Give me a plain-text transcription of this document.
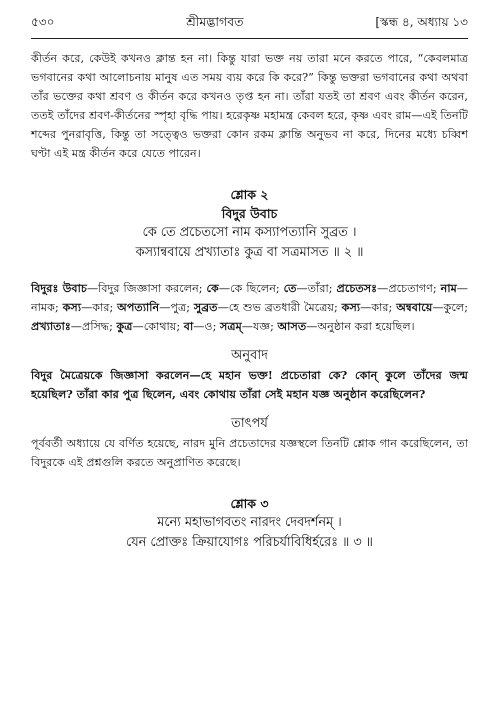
৫৩০	শ্রীমদ্ভাগবত	[স্কন্ধ ৪, অধ্যায় ১৩

কীর্তন করে, কেউই কখনও ক্লান্ত হন না। কিন্তু যারা ভক্ত নয় তারা মনে করতে পারে, “কেবলমাত্র ভগবানের কথা আলোচনায় মানুষ এত সময় ব্যয় করে কি করে?” কিন্তু ভক্তরা ভগবানের কথা অথবা তাঁর ভক্তের কথা শ্রবণ ও কীর্তন করে কখনও তৃপ্ত হন না। তাঁরা যতই তা শ্রবণ এবং কীর্তন করেন, ততই তাঁদের শ্রবণ-কীর্তনের স্পৃহা বৃদ্ধি পায়। হরেকৃষ্ণ মহামন্ত্র কেবল হরে, কৃষ্ণ এবং রাম—এই তিনটি শব্দের পুনরাবৃত্তি, কিন্তু তা সত্ত্বেও ভক্তরা কোন রকম ক্লান্তি অনুভব না করে, দিনের মধ্যে চব্বিশ ঘণ্টা এই মন্ত্র কীর্তন করে যেতে পারেন।

শ্লোক ২
বিদুর উবাচ
কে তে প্রচেতসো নাম কস্যাপত্যানি সুব্রত ।
কস্যান্ববায়ে প্রখ্যাতাঃ কুত্র বা সত্রমাসত ॥ ২ ॥

বিদুরঃ উবাচ—বিদুর জিজ্ঞাসা করলেন; কে—কে ছিলেন; তে—তাঁরা; প্রচেতসঃ—প্রচেতাগণ; নাম—নামক; কস্য—কার; অপত্যানি—পুত্র; সুব্রত—হে শুভ ব্রতধারী মৈত্রেয়; কস্য—কার; অন্ববায়ে—কুলে; প্রখ্যাতাঃ—প্রসিদ্ধ; কুত্র—কোথায়; বা—ও; সত্রম্—যজ্ঞ; আসত—অনুষ্ঠান করা হয়েছিল।

অনুবাদ

বিদুর মৈত্রেয়কে জিজ্ঞাসা করলেন—হে মহান ভক্ত! প্রচেতারা কে? কোন্ কুলে তাঁদের জন্ম হয়েছিল? তাঁরা কার পুত্র ছিলেন, এবং কোথায় তাঁরা সেই মহান যজ্ঞ অনুষ্ঠান করেছিলেন?

তাৎপর্য

পূর্ববর্তী অধ্যায়ে যে বর্ণিত হয়েছে, নারদ মুনি প্রচেতাদের যজ্ঞস্থলে তিনটি শ্লোক গান করেছিলেন, তা বিদুরকে এই প্রশ্নগুলি করতে অনুপ্রাণিত করেছে।

শ্লোক ৩
মন্যে মহাভাগবতং নারদং দেবদর্শনম্ ।
যেন প্রোক্তঃ ক্রিয়াযোগঃ পরিচর্যাবিধির্হরেঃ ॥ ৩ ॥
